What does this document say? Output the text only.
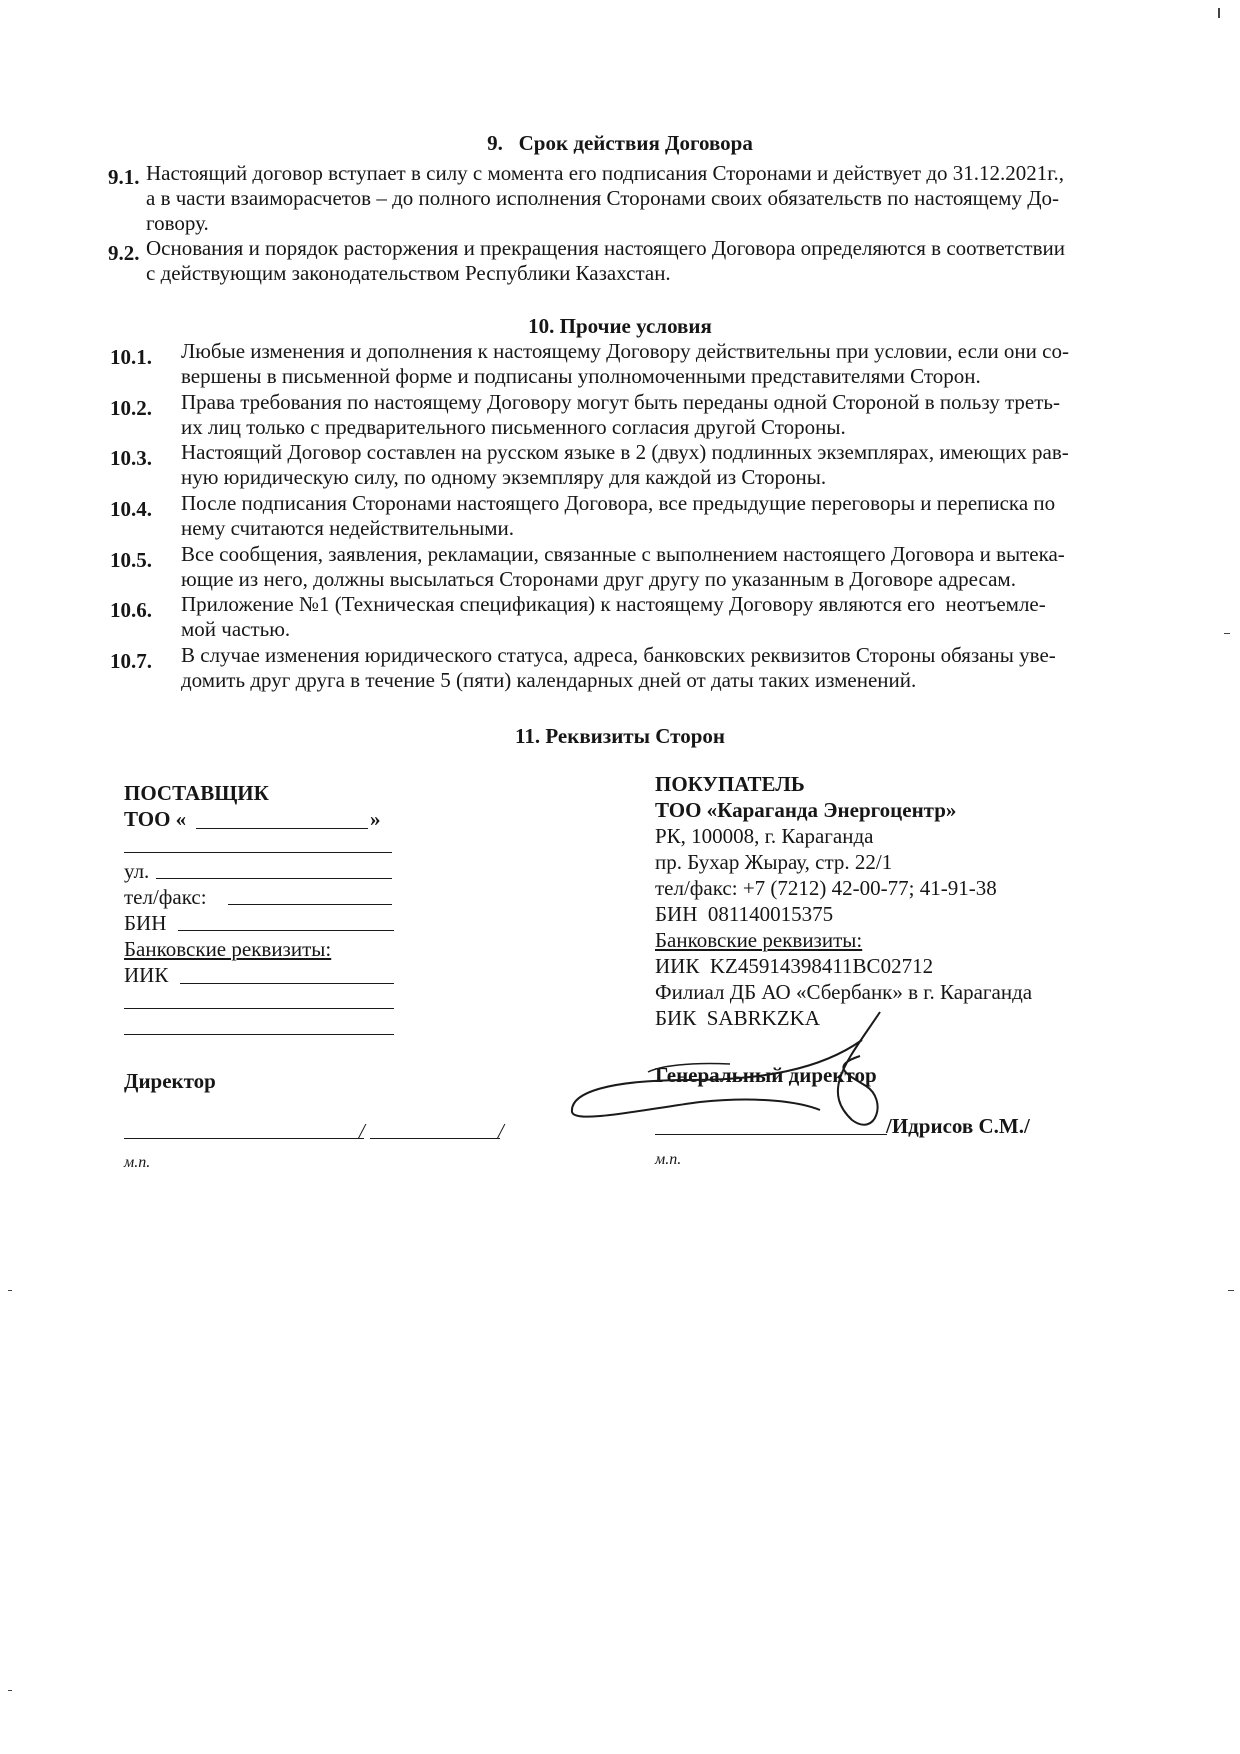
9.   Срок действия Договора
9.1. Настоящий договор вступает в силу с момента его подписания Сторонами и действует до 31.12.2021г.,
а в части взаиморасчетов – до полного исполнения Сторонами своих обязательств по настоящему До-
говору.
9.2. Основания и порядок расторжения и прекращения настоящего Договора определяются в соответствии
с действующим законодательством Республики Казахстан.
10. Прочие условия
10.1. Любые изменения и дополнения к настоящему Договору действительны при условии, если они со-
вершены в письменной форме и подписаны уполномоченными представителями Сторон.
10.2. Права требования по настоящему Договору могут быть переданы одной Стороной в пользу треть-
их лиц только с предварительного письменного согласия другой Стороны.
10.3. Настоящий Договор составлен на русском языке в 2 (двух) подлинных экземплярах, имеющих рав-
ную юридическую силу, по одному экземпляру для каждой из Стороны.
10.4. После подписания Сторонами настоящего Договора, все предыдущие переговоры и переписка по
нему считаются недействительными.
10.5. Все сообщения, заявления, рекламации, связанные с выполнением настоящего Договора и вытека-
ющие из него, должны высылаться Сторонами друг другу по указанным в Договоре адресам.
10.6. Приложение №1 (Техническая спецификация) к настоящему Договору являются его  неотъемле-
мой частью.
10.7. В случае изменения юридического статуса, адреса, банковских реквизитов Стороны обязаны уве-
домить друг друга в течение 5 (пяти) календарных дней от даты таких изменений.
11. Реквизиты Сторон
ПОСТАВЩИК
ТОО «	»
ул.
тел/факс:
БИН
Банковские реквизиты:
ИИК
Директор
/	/
м.п.
ПОКУПАТЕЛЬ
ТОО «Караганда Энергоцентр»
РК, 100008, г. Караганда
пр. Бухар Жырау, стр. 22/1
тел/факс: +7 (7212) 42-00-77; 41-91-38
БИН  081140015375
Банковские реквизиты:
ИИК  KZ45914398411BC02712
Филиал ДБ АО «Сбербанк» в г. Караганда
БИК  SABRKZKA
Генеральный директор
/Идрисов С.М./
м.п.
